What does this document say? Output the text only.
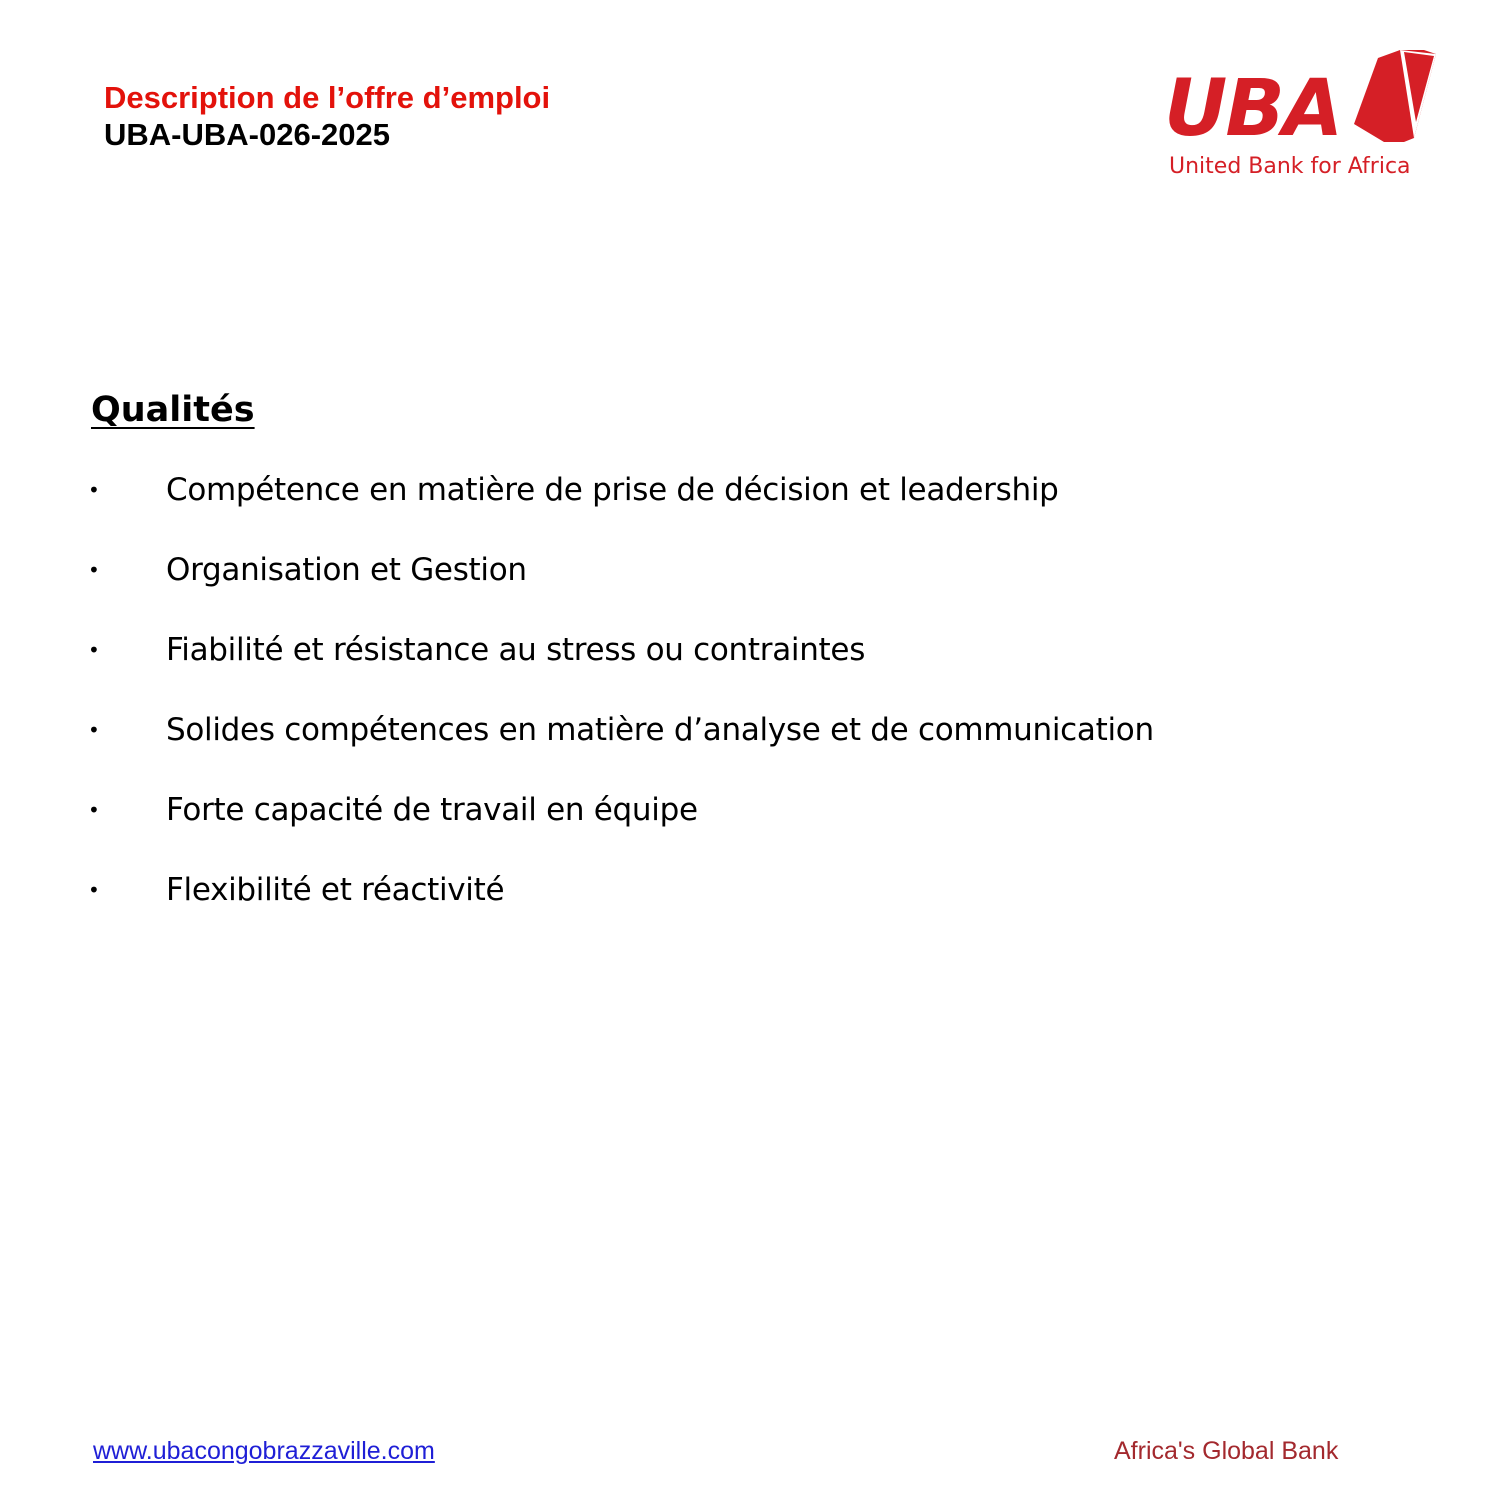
Description de l’offre d’emploi
UBA-UBA-026-2025	UBA
United Bank for Africa
Qualités
•	Compétence en matière de prise de décision et leadership
•	Organisation et Gestion
•	Fiabilité et résistance au stress ou contraintes
•	Solides compétences en matière d’analyse et de communication
•	Forte capacité de travail en équipe
•	Flexibilité et réactivité
www.ubacongobrazzaville.com	Africa's Global Bank
